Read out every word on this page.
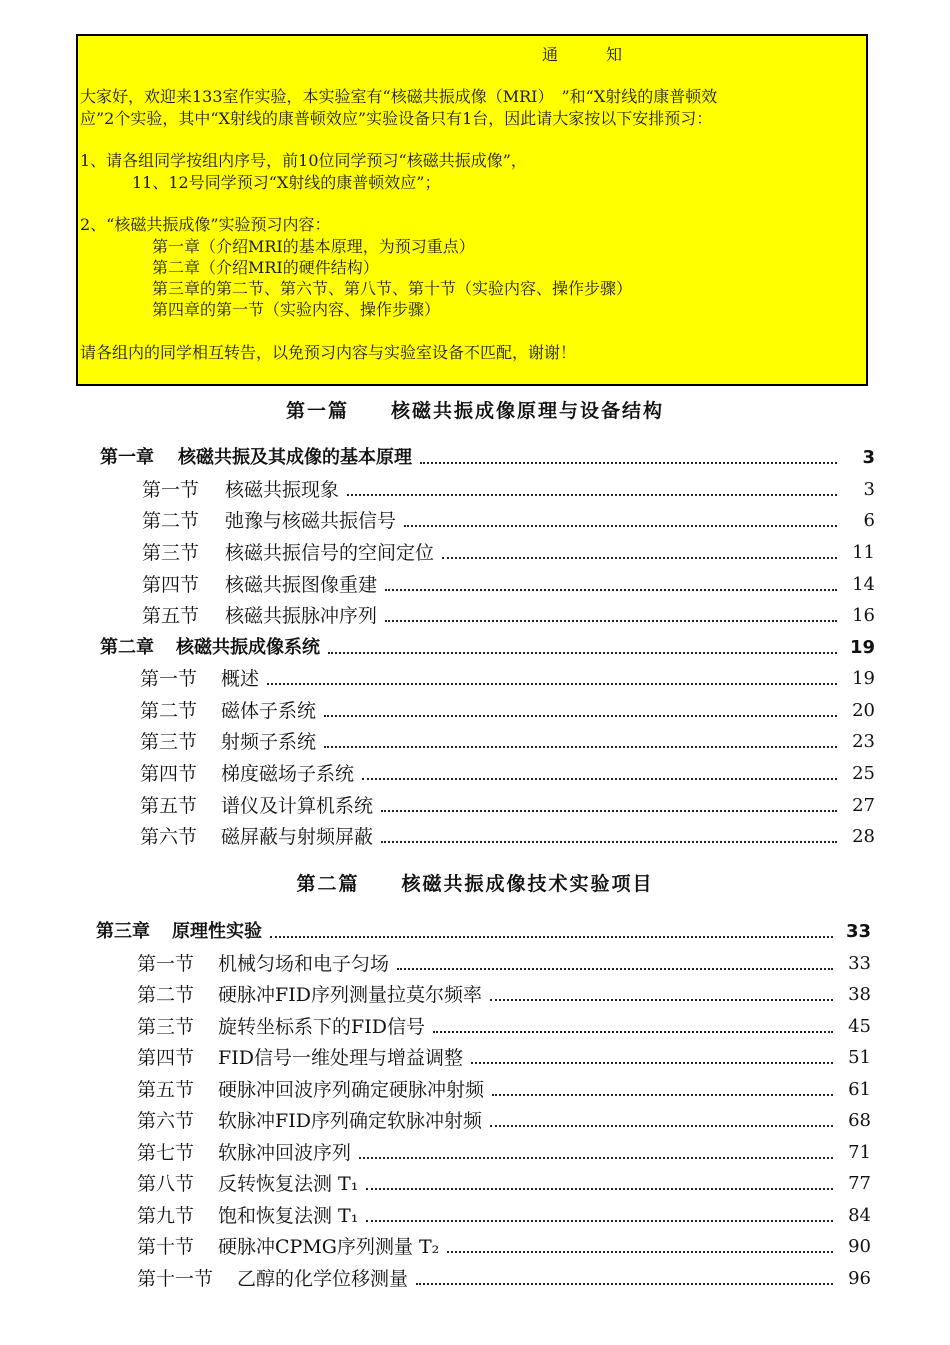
通　　　知
大家好，欢迎来133室作实验，本实验室有“核磁共振成像（MRI）　”和“X射线的康普顿效
应”2个实验，其中“X射线的康普顿效应”实验设备只有1台，因此请大家按以下安排预习：
1、请各组同学按组内序号，前10位同学预习“核磁共振成像”，
11、12号同学预习“X射线的康普顿效应”；
2、“核磁共振成像”实验预习内容：
第一章（介绍MRI的基本原理，为预习重点）
第二章（介绍MRI的硬件结构）
第三章的第二节、第六节、第八节、第十节（实验内容、操作步骤）
第四章的第一节（实验内容、操作步骤）
请各组内的同学相互转告，以免预习内容与实验室设备不匹配，谢谢！
第一篇　　核磁共振成像原理与设备结构
第二篇　　核磁共振成像技术实验项目
第一章 核磁共振及其成像的基本原理	3
第一节 核磁共振现象	3
第二节 弛豫与核磁共振信号	6
第三节 核磁共振信号的空间定位	11
第四节 核磁共振图像重建	14
第五节 核磁共振脉冲序列	16
第二章 核磁共振成像系统	19
第一节 概述	19
第二节 磁体子系统	20
第三节 射频子系统	23
第四节 梯度磁场子系统	25
第五节 谱仪及计算机系统	27
第六节 磁屏蔽与射频屏蔽	28
第三章 原理性实验	33
第一节 机械匀场和电子匀场	33
第二节 硬脉冲FID序列测量拉莫尔频率	38
第三节 旋转坐标系下的FID信号	45
第四节 FID信号一维处理与增益调整	51
第五节 硬脉冲回波序列确定硬脉冲射频	61
第六节 软脉冲FID序列确定软脉冲射频	68
第七节 软脉冲回波序列	71
第八节 反转恢复法测 T₁	77
第九节 饱和恢复法测 T₁	84
第十节 硬脉冲CPMG序列测量 T₂	90
第十一节 乙醇的化学位移测量	96
